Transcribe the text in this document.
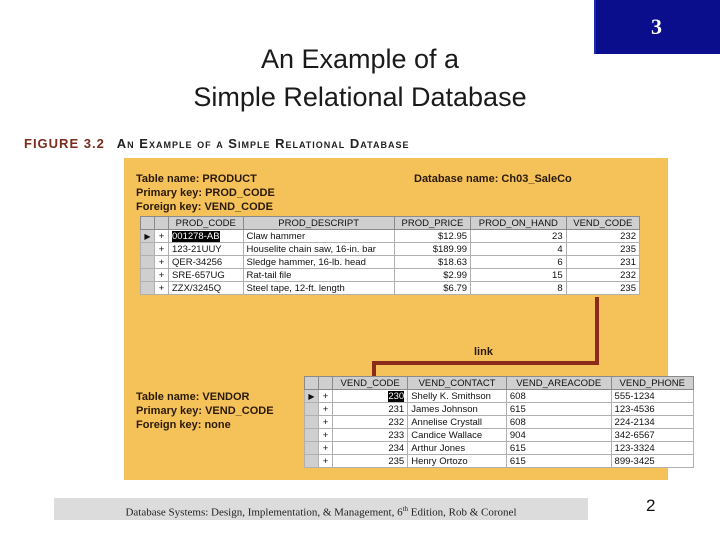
3
An Example of a
Simple Relational Database
FIGURE 3.2 An Example of a Simple Relational Database
Table name: PRODUCT
Primary key: PROD_CODE
Foreign key: VEND_CODE
Database name: Ch03_SaleCo
		PROD_CODE	PROD_DESCRIPT	PROD_PRICE	PROD_ON_HAND	VEND_CODE
▶	+	001278-AB	Claw hammer	$12.95	23	232
	+	123-21UUY	Houselite chain saw, 16-in. bar	$189.99	4	235
	+	QER-34256	Sledge hammer, 16-lb. head	$18.63	6	231
	+	SRE-657UG	Rat-tail file	$2.99	15	232
	+	ZZX/3245Q	Steel tape, 12-ft. length	$6.79	8	235
link
Table name: VENDOR
Primary key: VEND_CODE
Foreign key: none
		VEND_CODE	VEND_CONTACT	VEND_AREACODE	VEND_PHONE
▶	+	230	Shelly K. Smithson	608	555-1234
	+	231	James Johnson	615	123-4536
	+	232	Annelise Crystall	608	224-2134
	+	233	Candice Wallace	904	342-6567
	+	234	Arthur Jones	615	123-3324
	+	235	Henry Ortozo	615	899-3425
Database Systems: Design, Implementation, & Management, 6th Edition, Rob & Coronel	2
